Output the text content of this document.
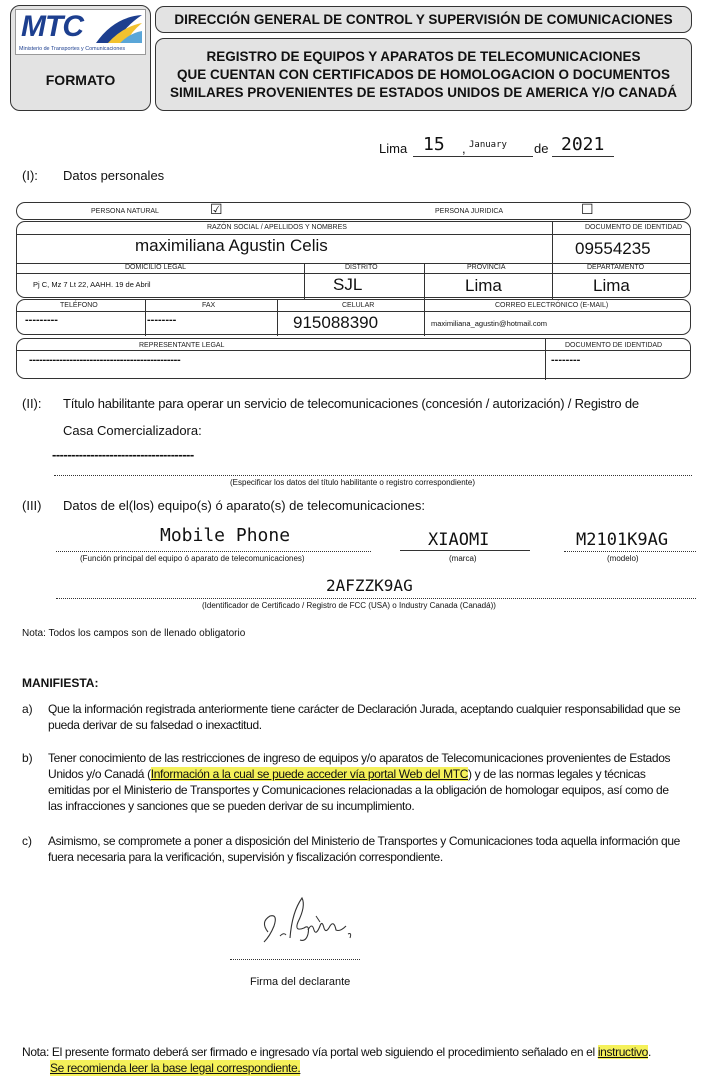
MTC
Ministerio de Transportes y Comunicaciones
FORMATO
DIRECCIÓN GENERAL DE CONTROL Y SUPERVISIÓN DE COMUNICACIONES
REGISTRO DE EQUIPOS Y APARATOS DE TELECOMUNICACIONES
QUE CUENTAN CON CERTIFICADOS DE HOMOLOGACION O DOCUMENTOS
SIMILARES PROVENIENTES DE ESTADOS UNIDOS DE AMERICA Y/O CANADÁ
Lima 15 , January de 2021
(I): Datos personales
PERSONA NATURAL	☑	PERSONA JURIDICA	☐
RAZÓN SOCIAL / APELLIDOS Y NOMBRES	DOCUMENTO DE IDENTIDAD
maximiliana Agustin Celis	09554235
DOMICILIO LEGAL	DISTRITO	PROVINCIA	DEPARTAMENTO
Pj C, Mz 7 Lt 22, AAHH. 19 de Abril	SJL	Lima	Lima
TELÉFONO	FAX	CELULAR	CORREO ELECTRÓNICO (E-MAIL)
---------	--------	915088390	maximiliana_agustin@hotmail.com
REPRESENTANTE LEGAL	DOCUMENTO DE IDENTIDAD
---------------------------------------------	--------
(II): Título habilitante para operar un servicio de telecomunicaciones (concesión / autorización) / Registro de
Casa Comercializadora:
-------------------------------------
(Especificar los datos del título habilitante o registro correspondiente)
(III) Datos de el(los) equipo(s) ó aparato(s) de telecomunicaciones:
Mobile Phone
(Función principal del equipo ó aparato de telecomunicaciones)
XIAOMI
(marca)
M2101K9AG
(modelo)
2AFZZK9AG
(Identificador de Certificado / Registro de FCC (USA) o Industry Canada (Canadá))
Nota: Todos los campos son de llenado obligatorio
MANIFIESTA:
a) Que la información registrada anteriormente tiene carácter de Declaración Jurada, aceptando cualquier responsabilidad que se
pueda derivar de su falsedad o inexactitud.
b) Tener conocimiento de las restricciones de ingreso de equipos y/o aparatos de Telecomunicaciones provenientes de Estados
Unidos y/o Canadá (Información a la cual se puede acceder vía portal Web del MTC) y de las normas legales y técnicas
emitidas por el Ministerio de Transportes y Comunicaciones relacionadas a la obligación de homologar equipos, así como de
las infracciones y sanciones que se pueden derivar de su incumplimiento.
c) Asimismo, se compromete a poner a disposición del Ministerio de Transportes y Comunicaciones toda aquella información que
fuera necesaria para la verificación, supervisión y fiscalización correspondiente.
Firma del declarante
Nota: El presente formato deberá ser firmado e ingresado vía portal web siguiendo el procedimiento señalado en el instructivo.
Se recomienda leer la base legal correspondiente.
